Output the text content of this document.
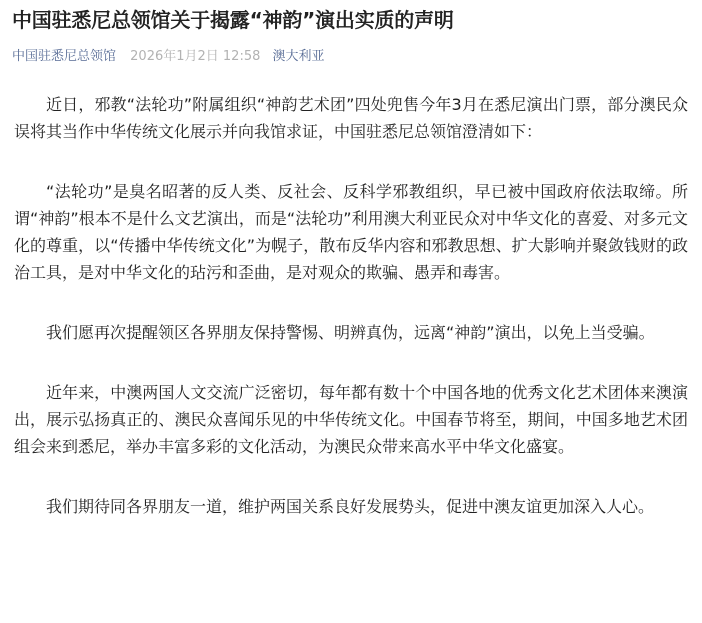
中国驻悉尼总领馆关于揭露“神韵”演出实质的声明
中国驻悉尼总领馆 2026年1月2日 12:58 澳大利亚

近日，邪教“法轮功”附属组织“神韵艺术团”四处兜售今年3月在悉尼演出门票，部分澳民众误将其当作中华传统文化展示并向我馆求证，中国驻悉尼总领馆澄清如下：

“法轮功”是臭名昭著的反人类、反社会、反科学邪教组织，早已被中国政府依法取缔。所谓“神韵”根本不是什么文艺演出，而是“法轮功”利用澳大利亚民众对中华文化的喜爱、对多元文化的尊重，以“传播中华传统文化”为幌子，散布反华内容和邪教思想、扩大影响并聚敛钱财的政治工具，是对中华文化的玷污和歪曲，是对观众的欺骗、愚弄和毒害。

我们愿再次提醒领区各界朋友保持警惕、明辨真伪，远离“神韵”演出，以免上当受骗。

近年来，中澳两国人文交流广泛密切，每年都有数十个中国各地的优秀文化艺术团体来澳演出，展示弘扬真正的、澳民众喜闻乐见的中华传统文化。中国春节将至，期间，中国多地艺术团组会来到悉尼，举办丰富多彩的文化活动，为澳民众带来高水平中华文化盛宴。

我们期待同各界朋友一道，维护两国关系良好发展势头，促进中澳友谊更加深入人心。
